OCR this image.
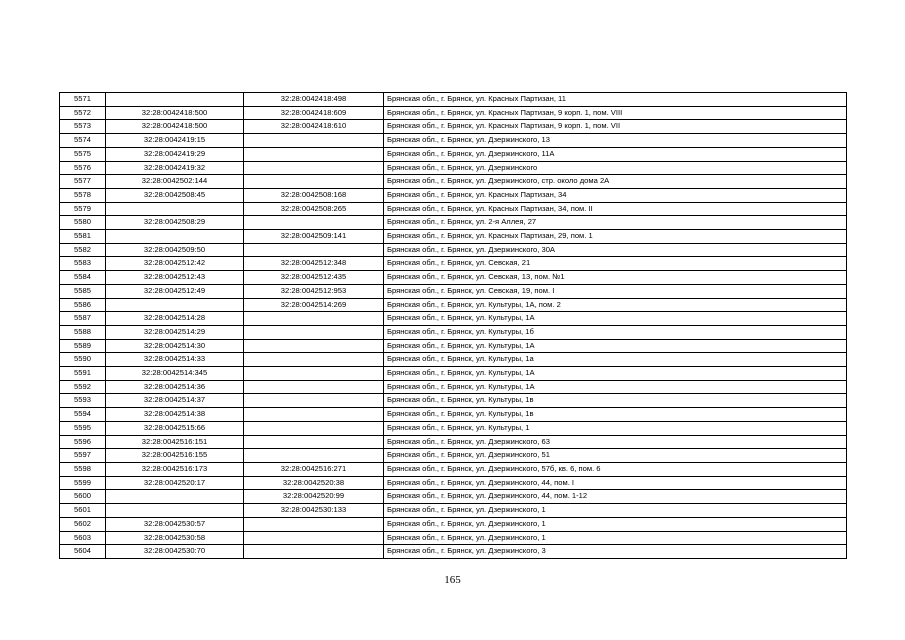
5571		32:28:0042418:498	Брянская обл., г. Брянск, ул. Красных Партизан, 11
5572	32:28:0042418:500	32:28:0042418:609	Брянская обл., г. Брянск, ул. Красных Партизан, 9 корп. 1, пом. VIII
5573	32:28:0042418:500	32:28:0042418:610	Брянская обл., г. Брянск, ул. Красных Партизан, 9 корп. 1, пом. VII
5574	32:28:0042419:15		Брянская обл., г. Брянск, ул. Дзержинского, 13
5575	32:28:0042419:29		Брянская обл., г. Брянск, ул. Дзержинского, 11А
5576	32:28:0042419:32		Брянская обл., г. Брянск, ул. Дзержинского
5577	32:28:0042502:144		Брянская обл., г. Брянск, ул. Дзержинского, стр. около дома 2А
5578	32:28:0042508:45	32:28:0042508:168	Брянская обл., г. Брянск, ул. Красных Партизан, 34
5579		32:28:0042508:265	Брянская обл., г. Брянск, ул. Красных Партизан, 34, пом. II
5580	32:28:0042508:29		Брянская обл., г. Брянск, ул. 2-я Аллея, 27
5581		32:28:0042509:141	Брянская обл., г. Брянск, ул. Красных Партизан, 29, пом. 1
5582	32:28:0042509:50		Брянская обл., г. Брянск, ул. Дзержинского, 30А
5583	32:28:0042512:42	32:28:0042512:348	Брянская обл., г. Брянск, ул. Севская, 21
5584	32:28:0042512:43	32:28:0042512:435	Брянская обл., г. Брянск, ул. Севская, 13, пом. №1
5585	32:28:0042512:49	32:28:0042512:953	Брянская обл., г. Брянск, ул. Севская, 19, пом. I
5586		32:28:0042514:269	Брянская обл., г. Брянск, ул. Культуры, 1А, пом. 2
5587	32:28:0042514:28		Брянская обл., г. Брянск, ул. Культуры, 1А
5588	32:28:0042514:29		Брянская обл., г. Брянск, ул. Культуры, 1б
5589	32:28:0042514:30		Брянская обл., г. Брянск, ул. Культуры, 1А
5590	32:28:0042514:33		Брянская обл., г. Брянск, ул. Культуры, 1а
5591	32:28:0042514:345		Брянская обл., г. Брянск, ул. Культуры, 1А
5592	32:28:0042514:36		Брянская обл., г. Брянск, ул. Культуры, 1А
5593	32:28:0042514:37		Брянская обл., г. Брянск, ул. Культуры, 1в
5594	32:28:0042514:38		Брянская обл., г. Брянск, ул. Культуры, 1в
5595	32:28:0042515:66		Брянская обл., г. Брянск, ул. Культуры, 1
5596	32:28:0042516:151		Брянская обл., г. Брянск, ул. Дзержинского, 63
5597	32:28:0042516:155		Брянская обл., г. Брянск, ул. Дзержинского, 51
5598	32:28:0042516:173	32:28:0042516:271	Брянская обл., г. Брянск, ул. Дзержинского, 57б, кв. 6, пом. 6
5599	32:28:0042520:17	32:28:0042520:38	Брянская обл., г. Брянск, ул. Дзержинского, 44, пом. I
5600		32:28:0042520:99	Брянская обл., г. Брянск, ул. Дзержинского, 44, пом. 1-12
5601		32:28:0042530:133	Брянская обл., г. Брянск, ул. Дзержинского, 1
5602	32:28:0042530:57		Брянская обл., г. Брянск, ул. Дзержинского, 1
5603	32:28:0042530:58		Брянская обл., г. Брянск, ул. Дзержинского, 1
5604	32:28:0042530:70		Брянская обл., г. Брянск, ул. Дзержинского, 3
165
